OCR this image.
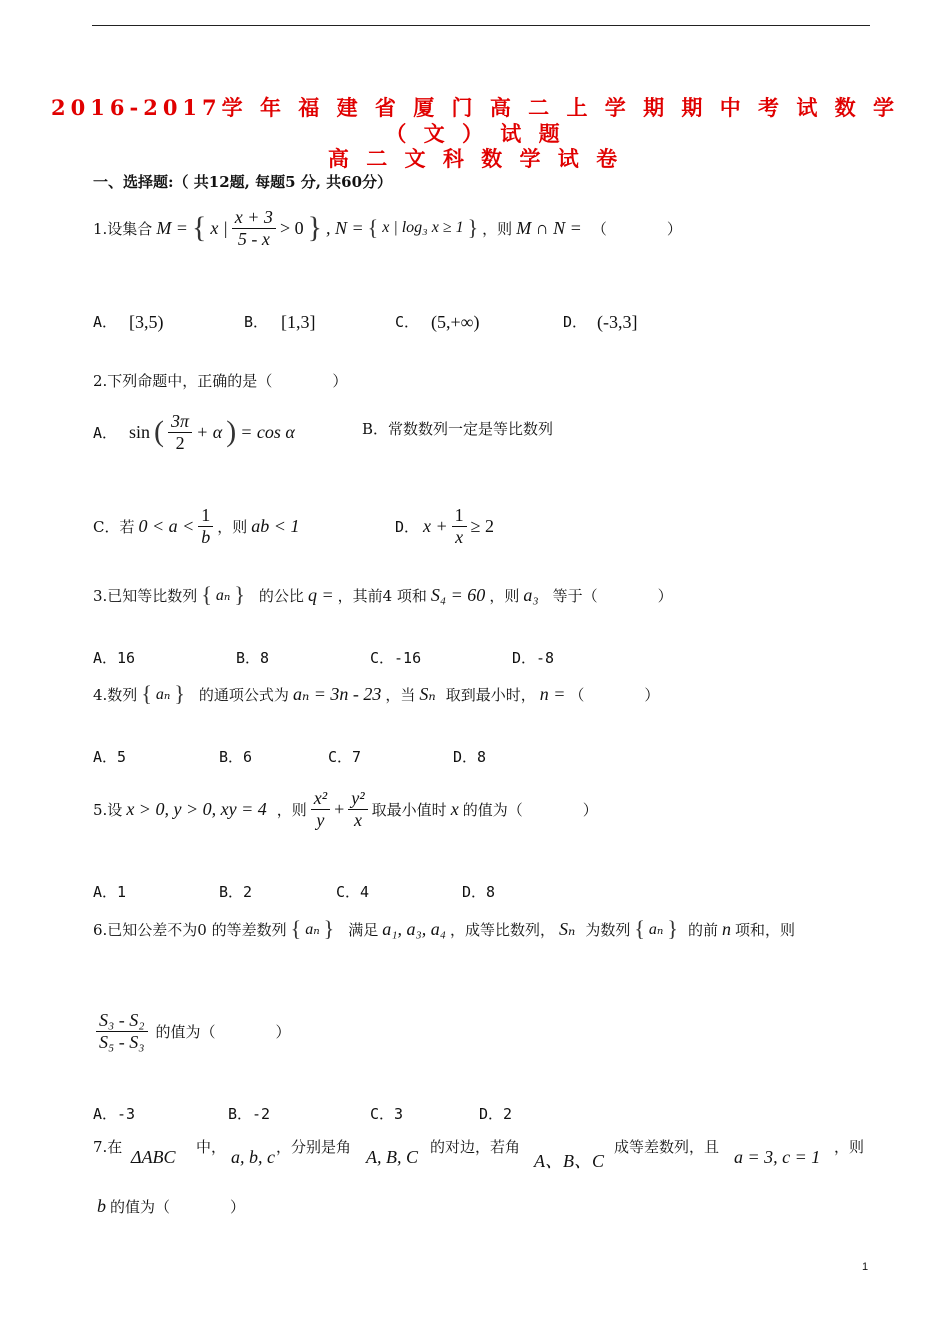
2016-2017学 年 福 建 省 厦 门 高 二 上 学 期 期 中 考 试 数 学
（ 文 ） 试 题
高 二 文 科 数 学 试 卷
一、选择题:（ 共12题, 每题5 分, 共60分）
1.设集合 M = { x | $\frac{x + 3}{5 - x} > 0$ } , N = { x | log₃ x ≥ 1 } ，则 M ∩ N = （　　　　）
A． [3,5)	B． [1,3]	C． (5,+∞)	D． (-3,3]
2.下列命题中，正确的是（　　　　）
A． sin ( $\frac{3\pi}{2} + \alpha$ ) = cos α	B．常数数列一定是等比数列
C．若 $0 < a < \frac{1}{b}$ ，则 ab < 1	D． $x + \frac{1}{x} \ge 2$
3.已知等比数列 { aₙ } 的公比 q = ，其前4 项和 S₄ = 60 ，则 a₃ 等于（　　　　）
A．16	B．8	C．-16	D．-8
4.数列 { aₙ } 的通项公式为 aₙ = 3n - 23 ，当 Sₙ 取到最小时， n = （　　　　）
A．5	B．6	C．7	D．8
5.设 x > 0, y > 0, xy = 4 ，则 $\frac{\text{x²}}{y} + \frac{\text{y²}}{x}$ 取最小值时 x 的值为（　　　　）
A．1	B．2	C．4	D．8
6.已知公差不为0 的等差数列 { aₙ } 满足 a₁, a₃, a₄ ，成等比数列， Sₙ 为数列 { aₙ } 的前 n 项和，则
$\frac{\text{S₃ - S₂}}{\text{S₅ - S₃}}$ 的值为（　　　　）
A．-3	B．-2	C．3	D．2
7.在 ΔABC 中， a, b, c ，分别是角 A, B, C 的对边，若角
A、B、C
成等差数列，且 a = 3, c = 1 ，则
b 的值为（　　　　）
1
